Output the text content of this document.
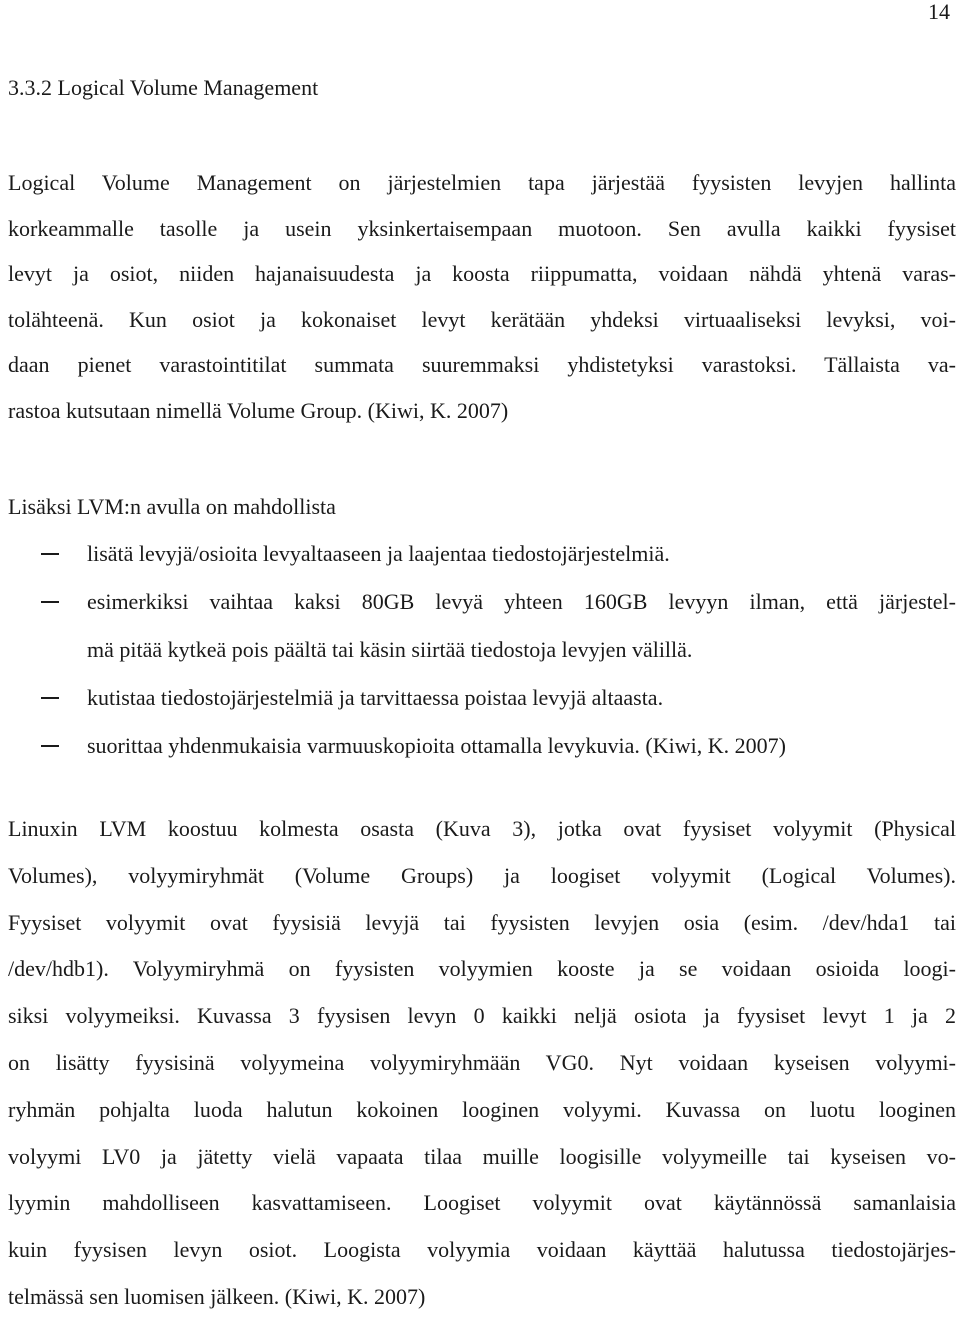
14
3.3.2 Logical Volume Management

Logical Volume Management on järjestelmien tapa järjestää fyysisten levyjen hallinta
korkeammalle tasolle ja usein yksinkertaisempaan muotoon. Sen avulla kaikki fyysiset
levyt ja osiot, niiden hajanaisuudesta ja koosta riippumatta, voidaan nähdä yhtenä varas-
tolähteenä. Kun osiot ja kokonaiset levyt kerätään yhdeksi virtuaaliseksi levyksi, voi-
daan pienet varastointitilat summata suuremmaksi yhdistetyksi varastoksi. Tällaista va-
rastoa kutsutaan nimellä Volume Group. (Kiwi, K. 2007)

Lisäksi LVM:n avulla on mahdollista

lisätä levyjä/osioita levyaltaaseen ja laajentaa tiedostojärjestelmiä.
esimerkiksi vaihtaa kaksi 80GB levyä yhteen 160GB levyyn ilman, että järjestel-
mä pitää kytkeä pois päältä tai käsin siirtää tiedostoja levyjen välillä.
kutistaa tiedostojärjestelmiä ja tarvittaessa poistaa levyjä altaasta.
suorittaa yhdenmukaisia varmuuskopioita ottamalla levykuvia. (Kiwi, K. 2007)

Linuxin LVM koostuu kolmesta osasta (Kuva 3), jotka ovat fyysiset volyymit (Physical
Volumes), volyymiryhmät (Volume Groups) ja loogiset volyymit (Logical Volumes).
Fyysiset volyymit ovat fyysisiä levyjä tai fyysisten levyjen osia (esim. /dev/hda1 tai
/dev/hdb1). Volyymiryhmä on fyysisten volyymien kooste ja se voidaan osioida loogi-
siksi volyymeiksi. Kuvassa 3 fyysisen levyn 0 kaikki neljä osiota ja fyysiset levyt 1 ja 2
on lisätty fyysisinä volyymeina volyymiryhmään VG0. Nyt voidaan kyseisen volyymi-
ryhmän pohjalta luoda halutun kokoinen looginen volyymi. Kuvassa on luotu looginen
volyymi LV0 ja jätetty vielä vapaata tilaa muille loogisille volyymeille tai kyseisen vo-
lyymin mahdolliseen kasvattamiseen. Loogiset volyymit ovat käytännössä samanlaisia
kuin fyysisen levyn osiot. Loogista volyymia voidaan käyttää halutussa tiedostojärjes-
telmässä sen luomisen jälkeen. (Kiwi, K. 2007)
